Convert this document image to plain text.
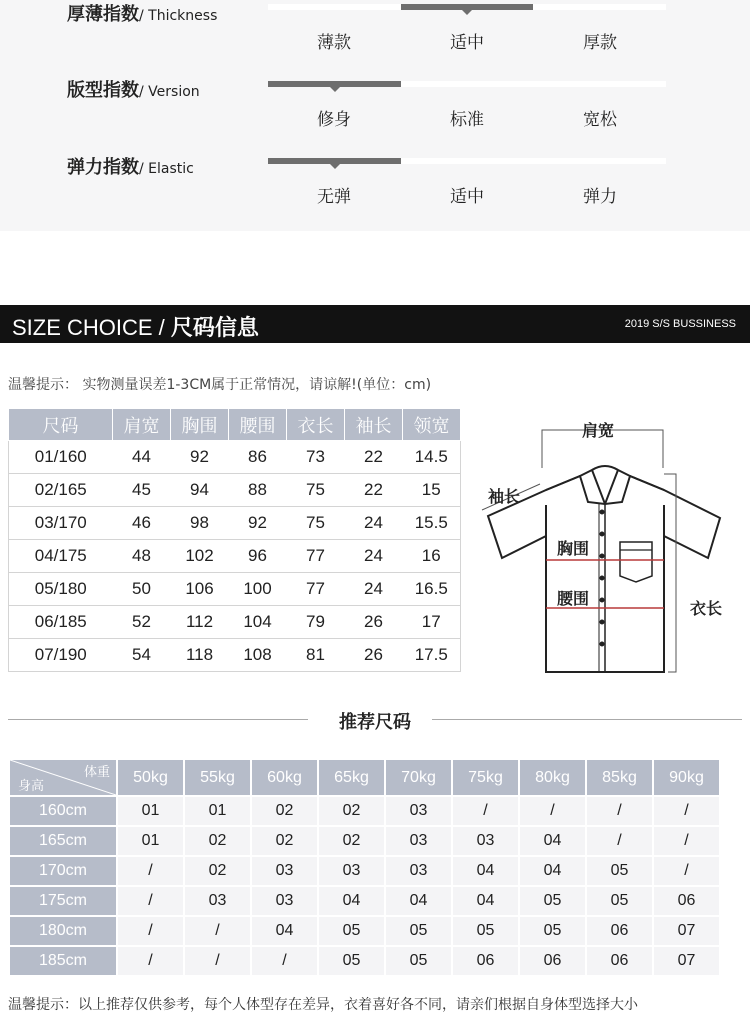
厚薄指数/ Thickness
薄款	适中	厚款
版型指数/ Version
修身	标准	宽松
弹力指数/ Elastic
无弹	适中	弹力
SIZE CHOICE / 尺码信息	2019 S/S BUSSINESS
温馨提示： 实物测量误差1-3CM属于正常情况，请谅解!(单位：cm)
尺码	肩宽	胸围	腰围	衣长	袖长	领宽
01/160	44	92	86	73	22	14.5
02/165	45	94	88	75	22	15
03/170	46	98	92	75	24	15.5
04/175	48	102	96	77	24	16
05/180	50	106	100	77	24	16.5
06/185	52	112	104	79	26	17
07/190	54	118	108	81	26	17.5
肩宽
袖长
胸围
腰围
衣长
推荐尺码
体重
身高	50kg	55kg	60kg	65kg	70kg	75kg	80kg	85kg	90kg
160cm	01	01	02	02	03	/	/	/	/
165cm	01	02	02	02	03	03	04	/	/
170cm	/	02	03	03	03	04	04	05	/
175cm	/	03	03	04	04	04	05	05	06
180cm	/	/	04	05	05	05	05	06	07
185cm	/	/	/	05	05	06	06	06	07
温馨提示：以上推荐仅供参考，每个人体型存在差异，衣着喜好各不同，请亲们根据自身体型选择大小
